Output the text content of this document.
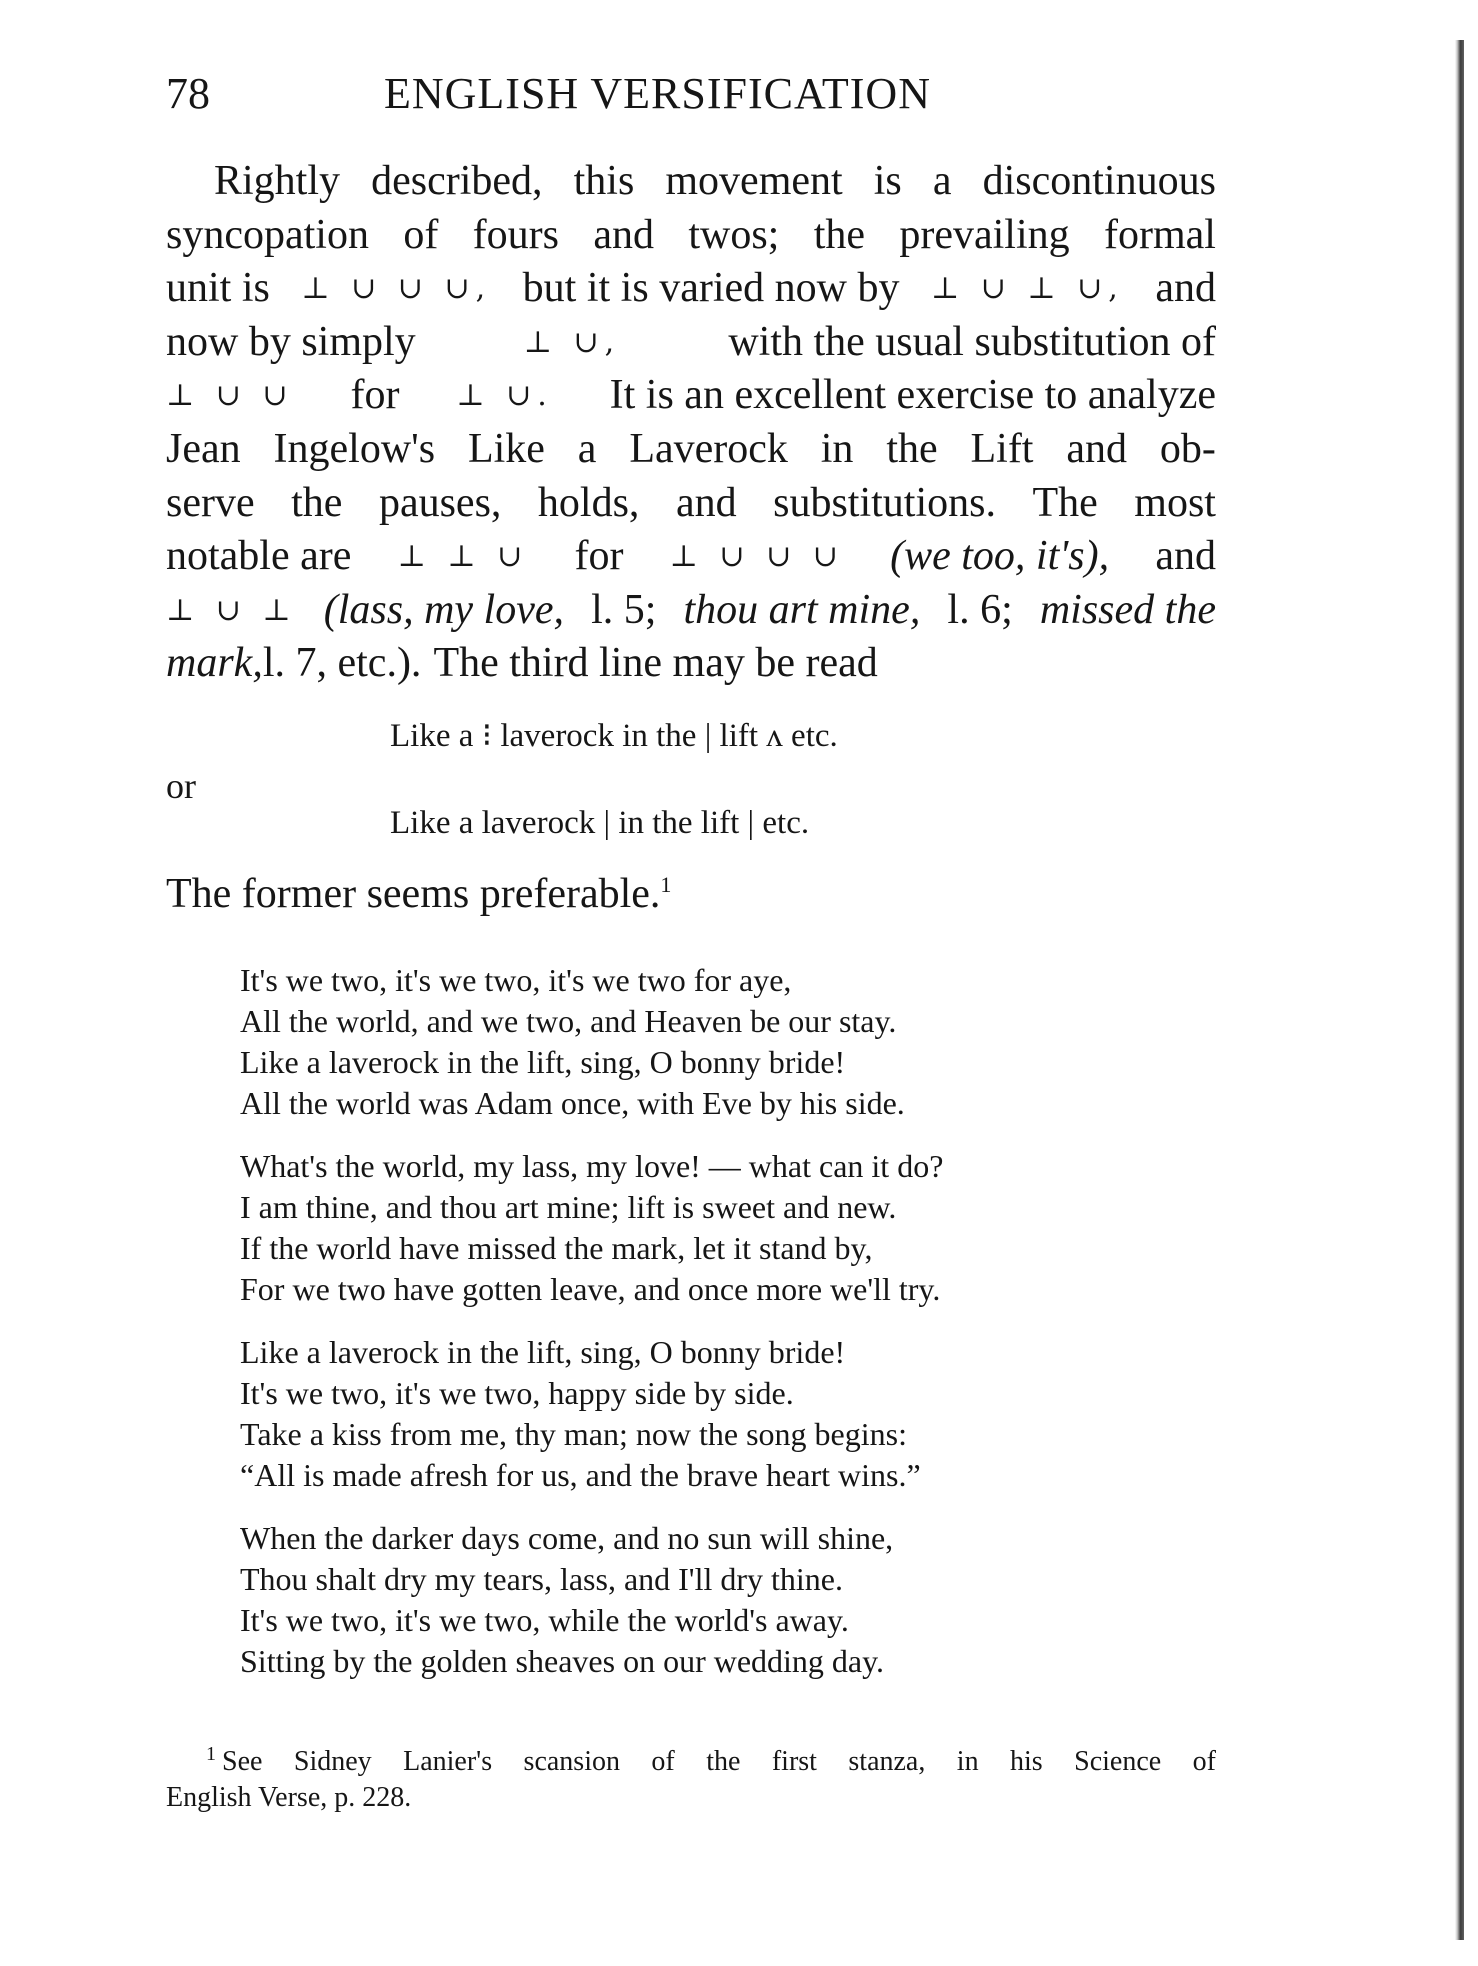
78	ENGLISH VERSIFICATION
Rightly described, this movement is a discontinuous
syncopation of fours and twos; the prevailing formal
unit is ⊥ ∪ ∪ ∪, but it is varied now by ⊥ ∪ ⊥ ∪, and
now by simply	⊥ ∪,	with the usual substitution of
⊥ ∪ ∪ for ⊥ ∪. It is an excellent exercise to analyze
Jean Ingelow's Like a Laverock in the Lift and ob-
serve the pauses, holds, and substitutions. The most
notable are ⊥ ⊥ ∪ for ⊥ ∪ ∪ ∪ (we too, it's), and
⊥ ∪ ⊥ (lass, my love, l. 5; thou art mine, l. 6; missed the
mark, l. 7, etc.). The third line may be read
Like a ⁝ laverock in the | lift ʌ etc.
or
Like a laverock | in the lift | etc.
The former seems preferable.$^1$
It's we two, it's we two, it's we two for aye,
All the world, and we two, and Heaven be our stay.
Like a laverock in the lift, sing, O bonny bride!
All the world was Adam once, with Eve by his side.
What's the world, my lass, my love! — what can it do?
I am thine, and thou art mine; lift is sweet and new.
If the world have missed the mark, let it stand by,
For we two have gotten leave, and once more we'll try.
Like a laverock in the lift, sing, O bonny bride!
It's we two, it's we two, happy side by side.
Take a kiss from me, thy man; now the song begins:
“All is made afresh for us, and the brave heart wins.”
When the darker days come, and no sun will shine,
Thou shalt dry my tears, lass, and I'll dry thine.
It's we two, it's we two, while the world's away.
Sitting by the golden sheaves on our wedding day.
$^1$ See Sidney Lanier's scansion of the first stanza, in his Science of
English Verse, p. 228.
